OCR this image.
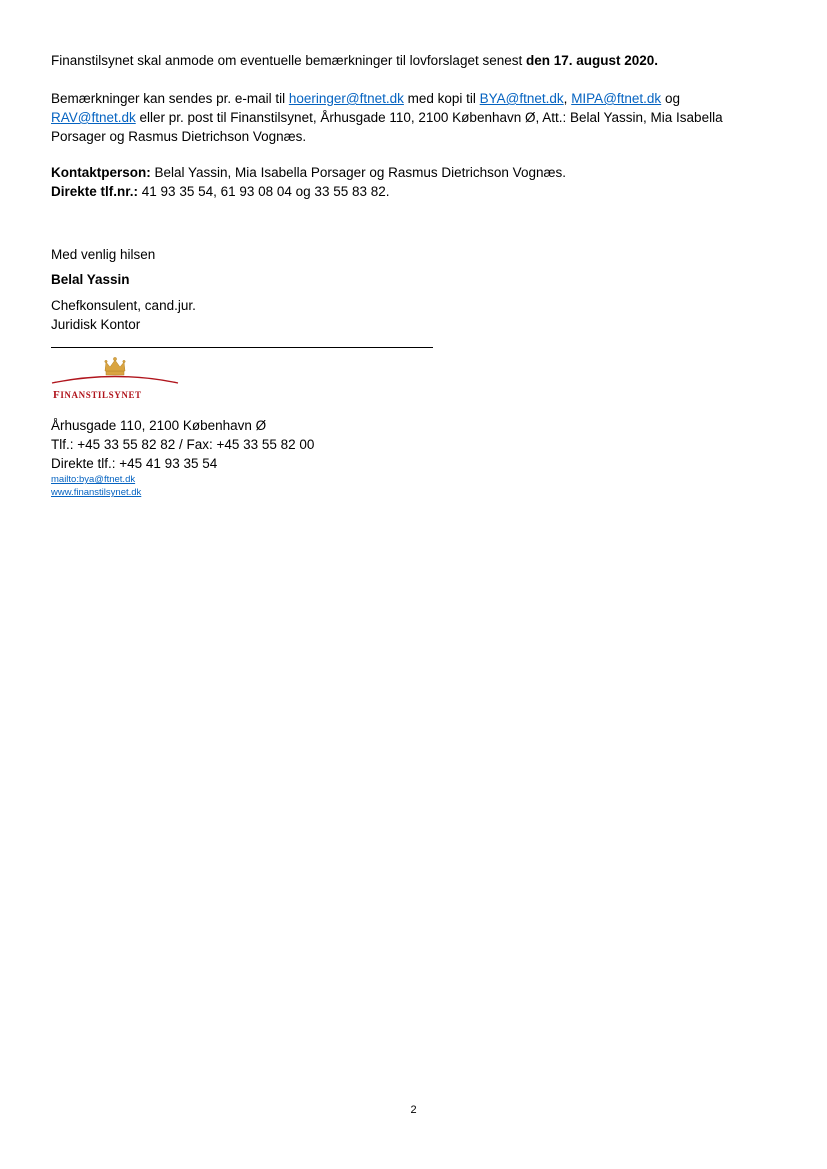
Finanstilsynet skal anmode om eventuelle bemærkninger til lovforslaget senest den 17. august 2020.
Bemærkninger kan sendes pr. e-mail til hoeringer@ftnet.dk med kopi til BYA@ftnet.dk, MIPA@ftnet.dk og
RAV@ftnet.dk eller pr. post til Finanstilsynet, Århusgade 110, 2100 København Ø, Att.: Belal Yassin, Mia Isabella
Porsager og Rasmus Dietrichson Vognæs.
Kontaktperson: Belal Yassin, Mia Isabella Porsager og Rasmus Dietrichson Vognæs.
Direkte tlf.nr.: 41 93 35 54, 61 93 08 04 og 33 55 83 82.
Med venlig hilsen
Belal Yassin
Chefkonsulent, cand.jur.
Juridisk Kontor
FINANSTILSYNET
Århusgade 110, 2100 København Ø
Tlf.: +45 33 55 82 82 / Fax: +45 33 55 82 00
Direkte tlf.: +45 41 93 35 54
mailto:bya@ftnet.dk
www.finanstilsynet.dk
2
